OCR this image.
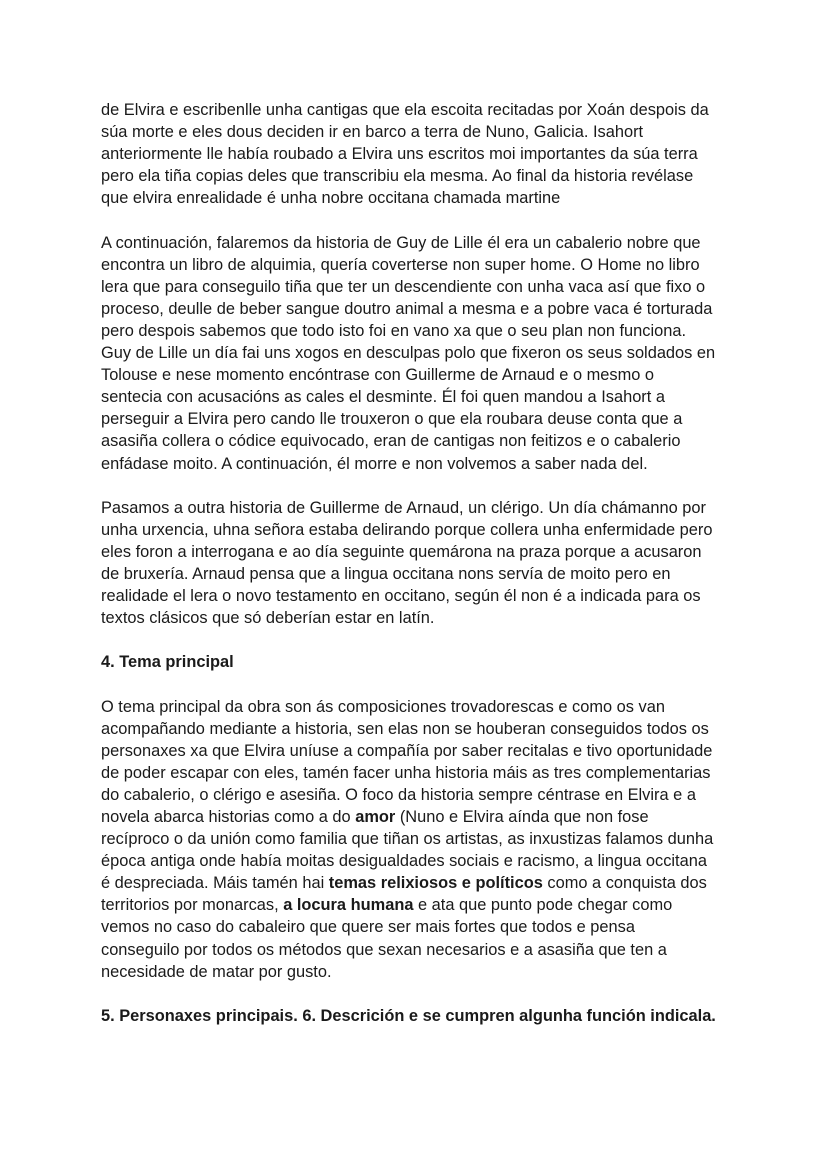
de Elvira e escribenlle unha cantigas que ela escoita recitadas por Xoán despois da
súa morte e eles dous deciden ir en barco a terra de Nuno, Galicia. Isahort
anteriormente lle había roubado a Elvira uns escritos moi importantes da súa terra
pero ela tiña copias deles que transcribiu ela mesma. Ao final da historia revélase
que elvira enrealidade é unha nobre occitana chamada martine
A continuación, falaremos da historia de Guy de Lille él era un cabalerio nobre que
encontra un libro de alquimia, quería coverterse non super home. O Home no libro
lera que para conseguilo tiña que ter un descendiente con unha vaca así que fixo o
proceso, deulle de beber sangue doutro animal a mesma e a pobre vaca é torturada
pero despois sabemos que todo isto foi en vano xa que o seu plan non funciona.
Guy de Lille un día fai uns xogos en desculpas polo que fixeron os seus soldados en
Tolouse e nese momento encóntrase con Guillerme de Arnaud e o mesmo o
sentecia con acusacións as cales el desminte. Él foi quen mandou a Isahort a
perseguir a Elvira pero cando lle trouxeron o que ela roubara deuse conta que a
asasiña collera o códice equivocado, eran de cantigas non feitizos e o cabalerio
enfádase moito. A continuación, él morre e non volvemos a saber nada del.
Pasamos a outra historia de Guillerme de Arnaud, un clérigo. Un día chámanno por
unha urxencia, uhna señora estaba delirando porque collera unha enfermidade pero
eles foron a interrogana e ao día seguinte quemárona na praza porque a acusaron
de bruxería. Arnaud pensa que a lingua occitana nons servía de moito pero en
realidade el lera o novo testamento en occitano, según él non é a indicada para os
textos clásicos que só deberían estar en latín.
4. Tema principal
O tema principal da obra son ás composiciones trovadorescas e como os van
acompañando mediante a historia, sen elas non se houberan conseguidos todos os
personaxes xa que Elvira uníuse a compañía por saber recitalas e tivo oportunidade
de poder escapar con eles, tamén facer unha historia máis as tres complementarias
do cabalerio, o clérigo e asesiña. O foco da historia sempre céntrase en Elvira e a
novela abarca historias como a do amor (Nuno e Elvira aínda que non fose
recíproco o da unión como familia que tiñan os artistas, as inxustizas falamos dunha
época antiga onde había moitas desigualdades sociais e racismo, a lingua occitana
é despreciada. Máis tamén hai temas relixiosos e políticos como a conquista dos
territorios por monarcas, a locura humana e ata que punto pode chegar como
vemos no caso do cabaleiro que quere ser mais fortes que todos e pensa
conseguilo por todos os métodos que sexan necesarios e a asasiña que ten a
necesidade de matar por gusto.
5. Personaxes principais. 6. Descrición e se cumpren algunha función indicala.
